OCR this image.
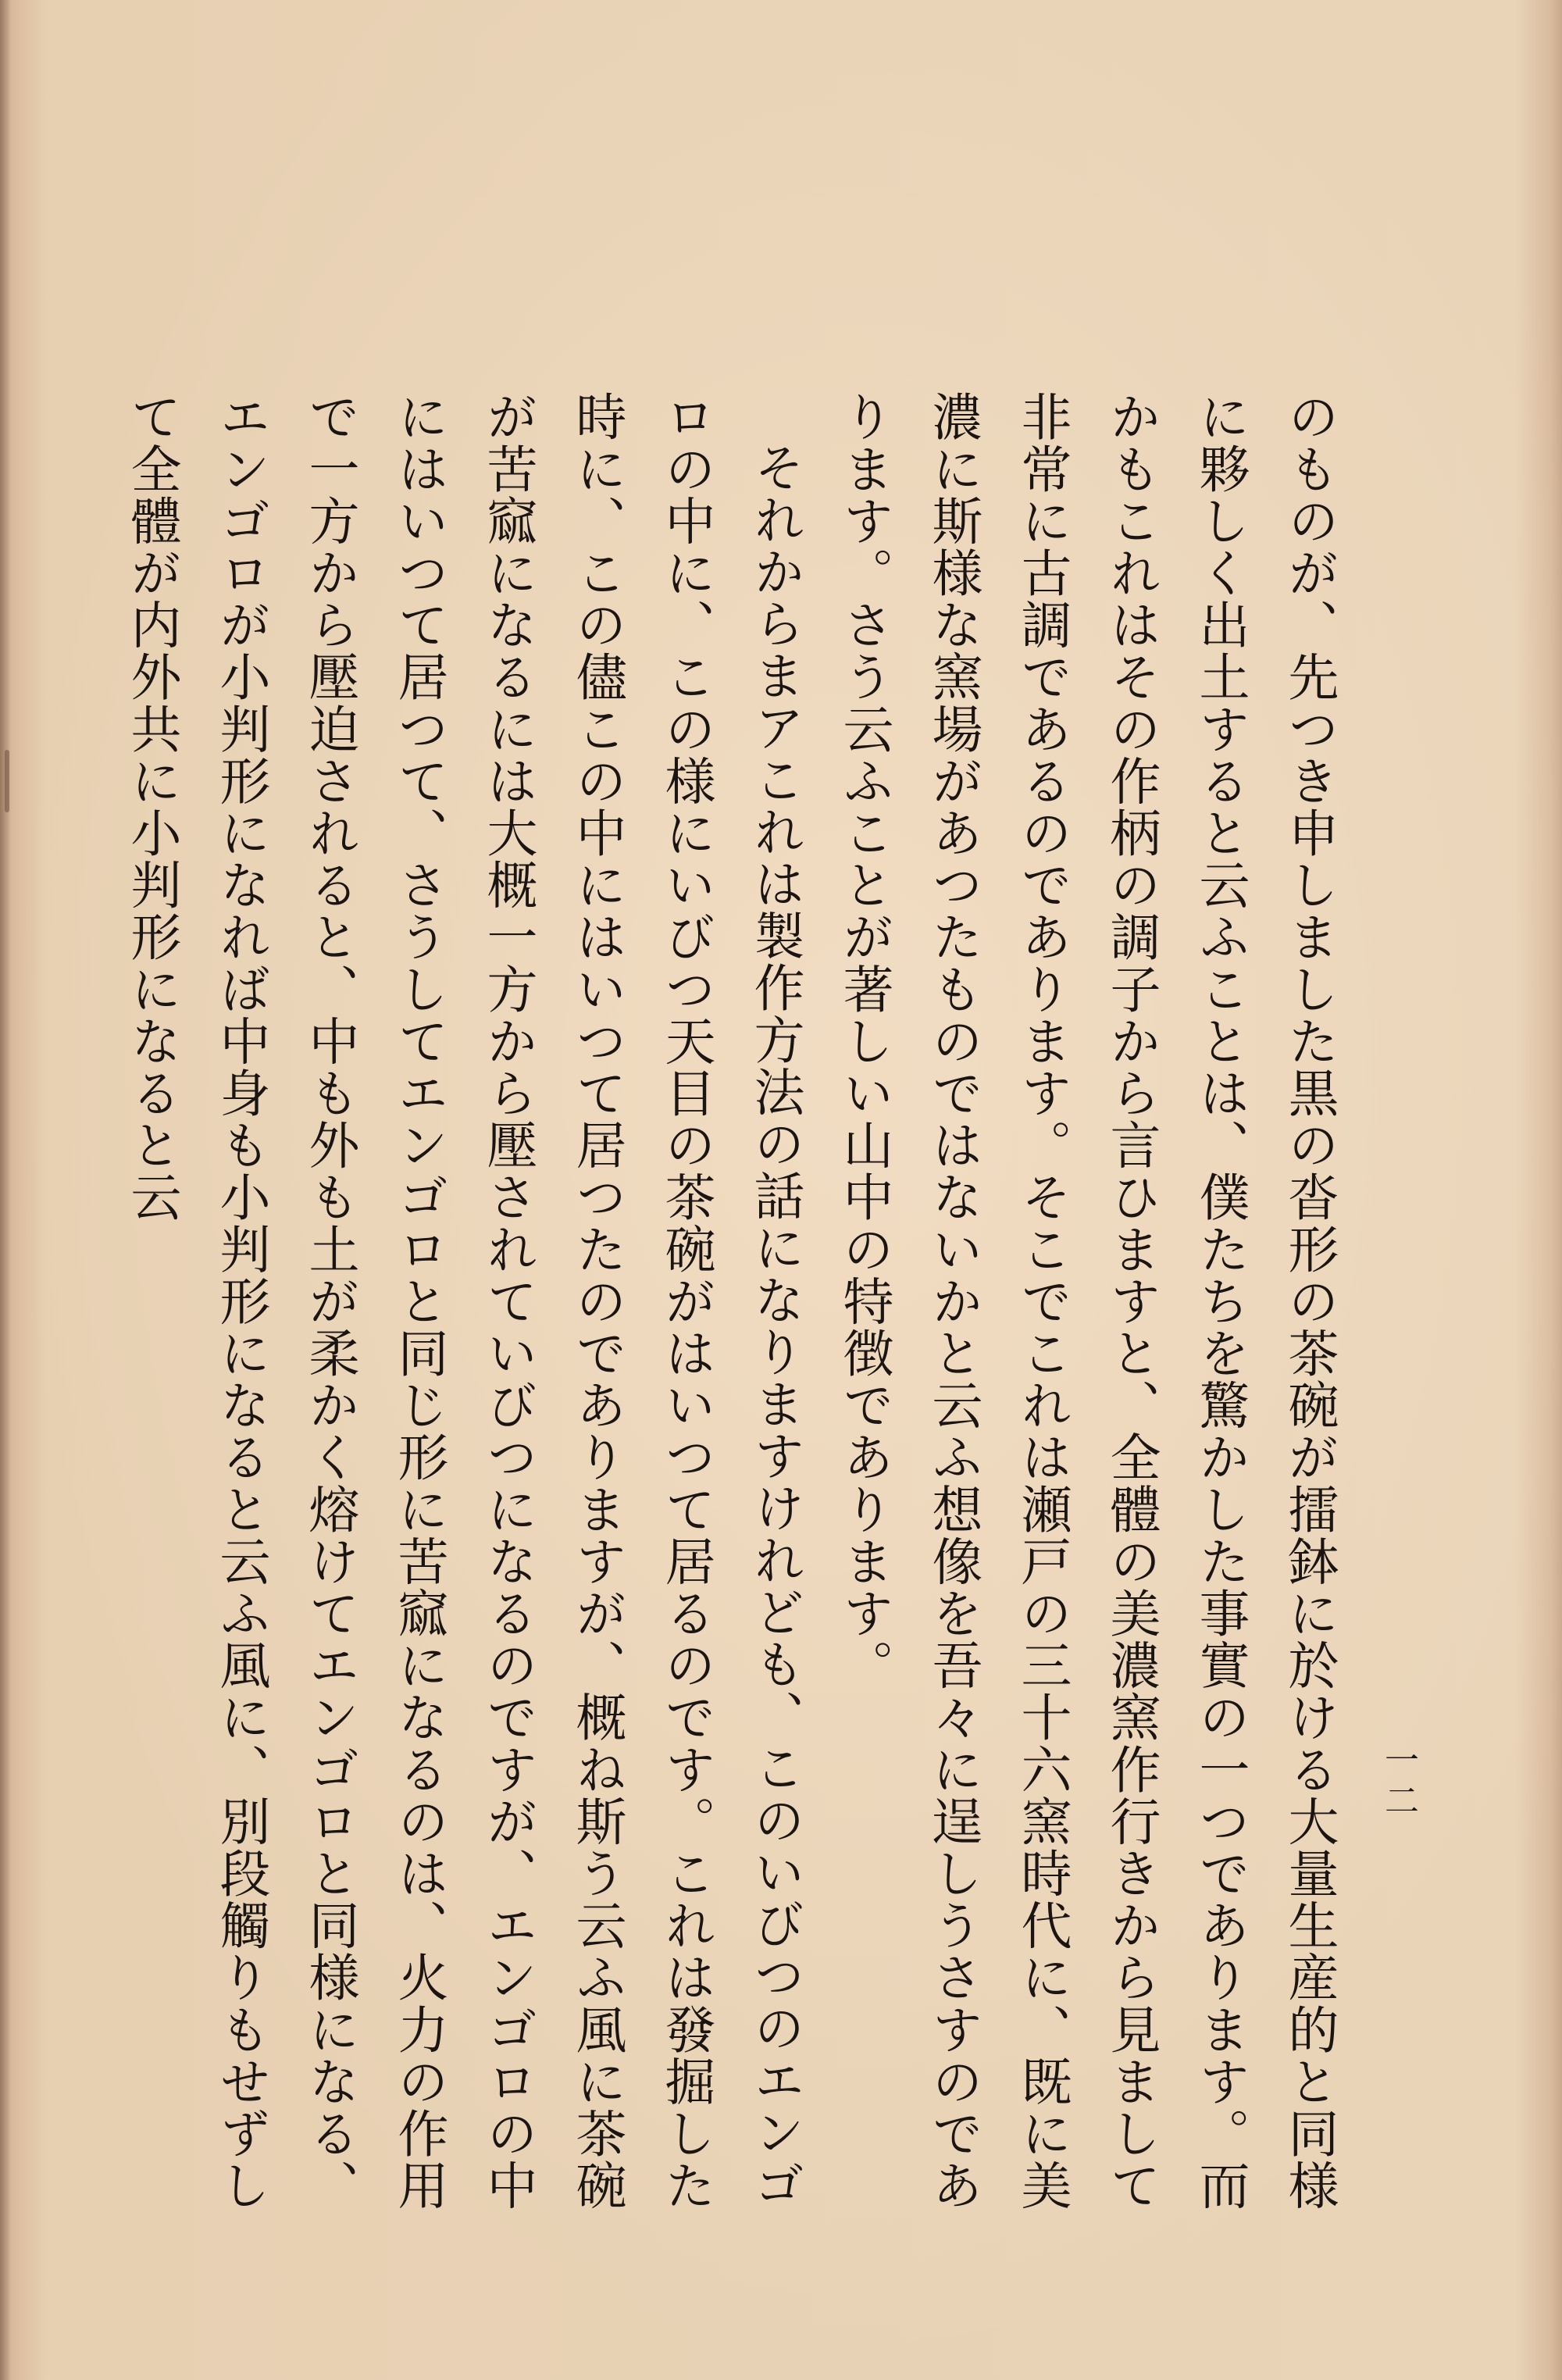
一二

のものが、先つき申しました黒の沓形の茶碗が擂鉢に於ける大量生産的と同様に夥しく出土すると云ふことは、僕たちを驚かした事實の一つであります。而かもこれはその作柄の調子から言ひますと、全體の美濃窯作行きから見まして非常に古調であるのであります。そこでこれは瀬戸の三十六窯時代に、既に美濃に斯様な窯場があつたものではないかと云ふ想像を吾々に逞しうさすのであります。さう云ふことが著しい山中の特徴であります。

それからまアこれは製作方法の話になりますけれども、このいびつのエンゴロの中に、この様にいびつ天目の茶碗がはいつて居るのです。これは發掘した時に、この儘この中にはいつて居つたのでありますが、概ね斯う云ふ風に茶碗が苦窳になるには大概一方から壓されていびつになるのですが、エンゴロの中にはいつて居つて、さうしてエンゴロと同じ形に苦窳になるのは、火力の作用で一方から壓迫されると、中も外も土が柔かく熔けてエンゴロと同様になる、エンゴロが小判形になれば中身も小判形になると云ふ風に、別段觸りもせずして全體が内外共に小判形になると云
